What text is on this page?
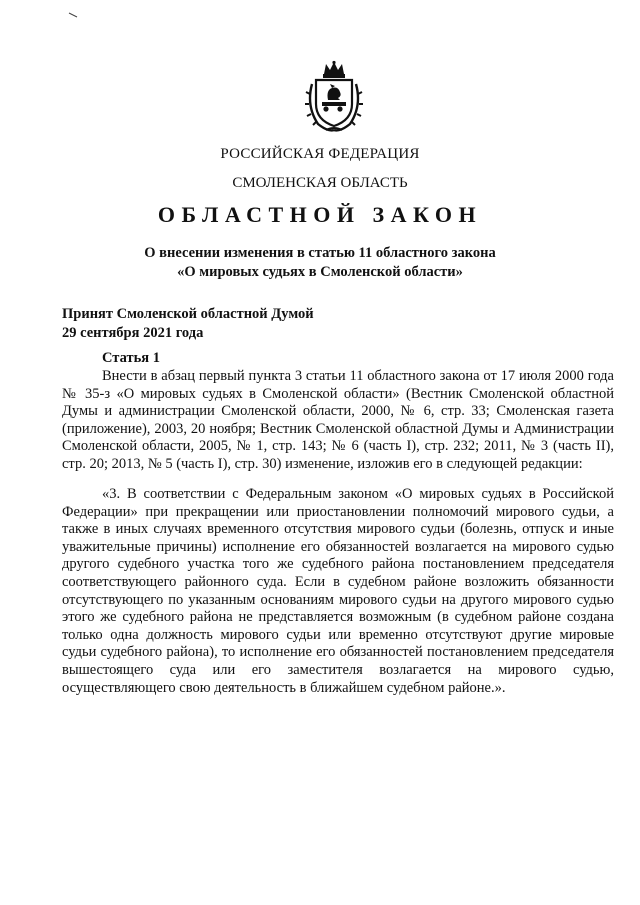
РОССИЙСКАЯ ФЕДЕРАЦИЯ
СМОЛЕНСКАЯ ОБЛАСТЬ
ОБЛАСТНОЙ ЗАКОН
О внесении изменения в статью 11 областного закона
«О мировых судьях в Смоленской области»
Принят Смоленской областной Думой
29 сентября 2021 года
Статья 1
Внести в абзац первый пункта 3 статьи 11 областного закона от 17 июля 2000 года № 35-з «О мировых судьях в Смоленской области» (Вестник Смоленской областной Думы и администрации Смоленской области, 2000, № 6, стр. 33; Смоленская газета (приложение), 2003, 20 ноября; Вестник Смоленской областной Думы и Администрации Смоленской области, 2005, № 1, стр. 143; № 6 (часть I), стр. 232; 2011, № 3 (часть II), стр. 20; 2013, № 5 (часть I), стр. 30) изменение, изложив его в следующей редакции:
«3. В соответствии с Федеральным законом «О мировых судьях в Российской Федерации» при прекращении или приостановлении полномочий мирового судьи, а также в иных случаях временного отсутствия мирового судьи (болезнь, отпуск и иные уважительные причины) исполнение его обязанностей возлагается на мирового судью другого судебного участка того же судебного района постановлением председателя соответствующего районного суда. Если в судебном районе возложить обязанности отсутствующего по указанным основаниям мирового судьи на другого мирового судью этого же судебного района не представляется возможным (в судебном районе создана только одна должность мирового судьи или временно отсутствуют другие мировые судьи судебного района), то исполнение его обязанностей постановлением председателя вышестоящего суда или его заместителя возлагается на мирового судью, осуществляющего свою деятельность в ближайшем судебном районе.».
